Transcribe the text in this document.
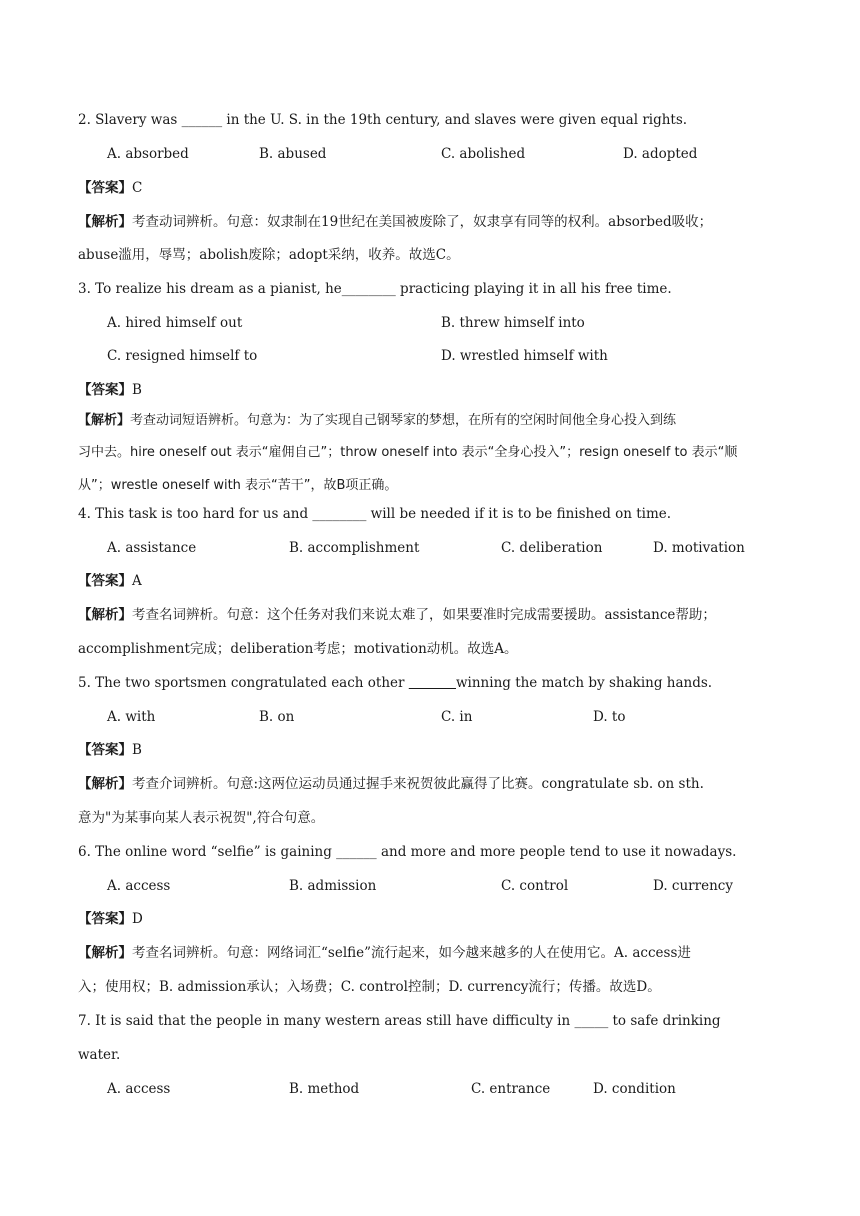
2. Slavery was ______ in the U. S. in the 19th century, and slaves were given equal rights.
A. absorbed	B. abused	C. abolished	D. adopted
【答案】C
【解析】考查动词辨析。句意：奴隶制在19世纪在美国被废除了，奴隶享有同等的权利。absorbed吸收；
abuse滥用，辱骂；abolish废除；adopt采纳，收养。故选C。
3. To realize his dream as a pianist, he________ practicing playing it in all his free time.
A. hired himself out	B. threw himself into
C. resigned himself to	D. wrestled himself with
【答案】B
【解析】考查动词短语辨析。句意为：为了实现自己钢琴家的梦想，在所有的空闲时间他全身心投入到练
习中去。hire oneself out 表示“雇佣自己”；throw oneself into 表示“全身心投入”；resign oneself to 表示“顺
从”；wrestle oneself with 表示“苦干”，故B项正确。
4. This task is too hard for us and ________ will be needed if it is to be finished on time.
A. assistance	B. accomplishment	C. deliberation	D. motivation
【答案】A
【解析】考查名词辨析。句意：这个任务对我们来说太难了，如果要准时完成需要援助。assistance帮助；
accomplishment完成；deliberation考虑；motivation动机。故选A。
5. The two sportsmen congratulated each other	winning the match by shaking hands.
A. with	B. on	C. in	D. to
【答案】B
【解析】考查介词辨析。句意:这两位运动员通过握手来祝贺彼此赢得了比赛。congratulate sb. on sth.
意为"为某事向某人表示祝贺",符合句意。
6. The online word “selfie” is gaining ______ and more and more people tend to use it nowadays.
A. access	B. admission	C. control	D. currency
【答案】D
【解析】考查名词辨析。句意：网络词汇“selfie”流行起来，如今越来越多的人在使用它。A. access进
入；使用权；B. admission承认；入场费；C. control控制；D. currency流行；传播。故选D。
7. It is said that the people in many western areas still have difficulty in _____ to safe drinking
water.
A. access	B. method	C. entrance	D. condition
